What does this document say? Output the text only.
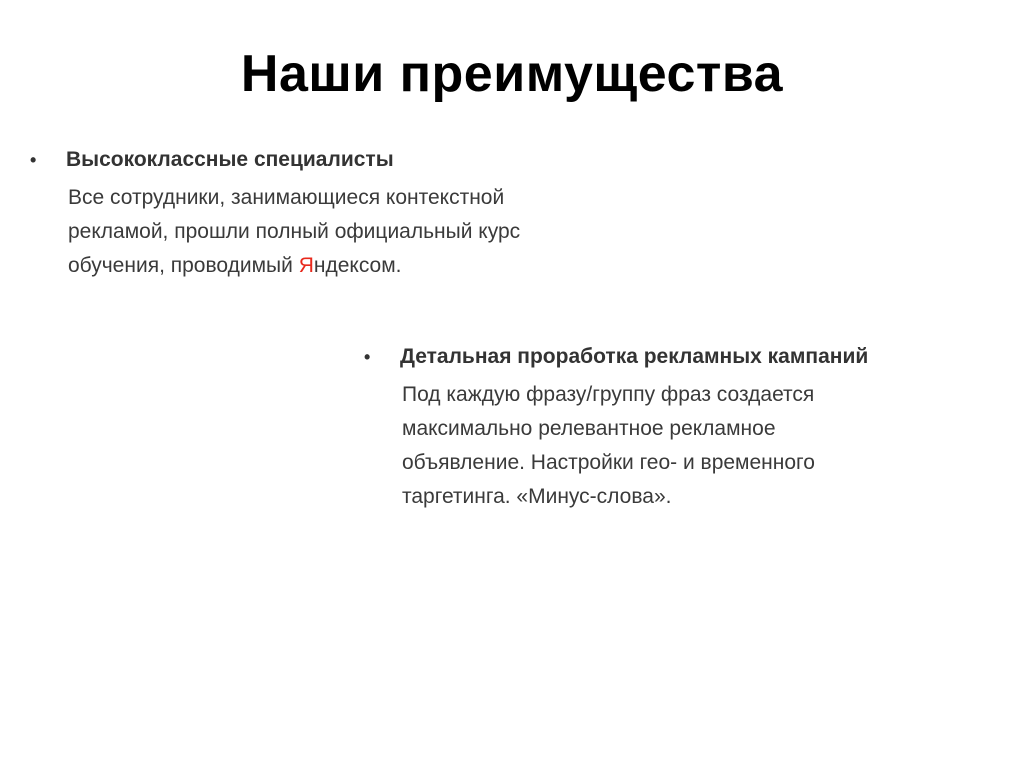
Наши преимущества
• Высококлассные специалисты
Все сотрудники, занимающиеся контекстной
рекламой, прошли полный официальный курс
обучения, проводимый Яндексом.
• Детальная проработка рекламных кампаний
Под каждую фразу/группу фраз создается
максимально релевантное рекламное
объявление. Настройки гео- и временного
таргетинга. «Минус-слова».
